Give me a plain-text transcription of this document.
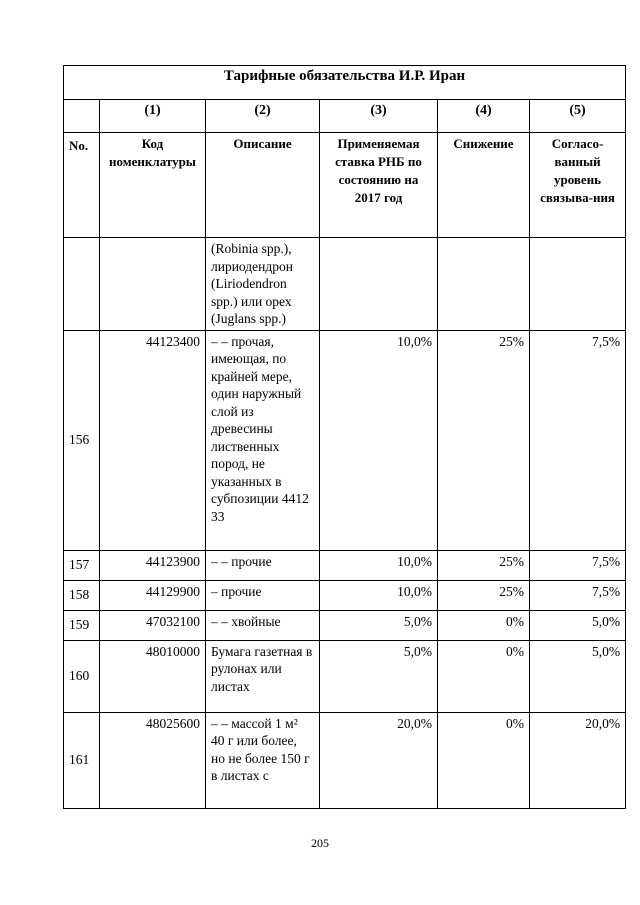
Тарифные обязательства И.Р. Иран					
	(1)	(2)	(3)	(4)	(5)
No.	Код номенклатуры	Описание	Применяемая ставка РНБ по состоянию на 2017 год	Снижение	Согласо-ванный уровень связыва-ния
		(Robinia spp.), лириодендрон (Liriodendron spp.) или орех (Juglans spp.)			
156	44123400	– – прочая, имеющая, по крайней мере, один наружный слой из древесины лиственных пород, не указанных в субпозиции 4412 33	10,0%	25%	7,5%
157	44123900	– – прочие	10,0%	25%	7,5%
158	44129900	– прочие	10,0%	25%	7,5%
159	47032100	– – хвойные	5,0%	0%	5,0%
160	48010000	Бумага газетная в рулонах или листах	5,0%	0%	5,0%
161	48025600	– – массой 1 м² 40 г или более, но не более 150 г в листах с	20,0%	0%	20,0%
205
